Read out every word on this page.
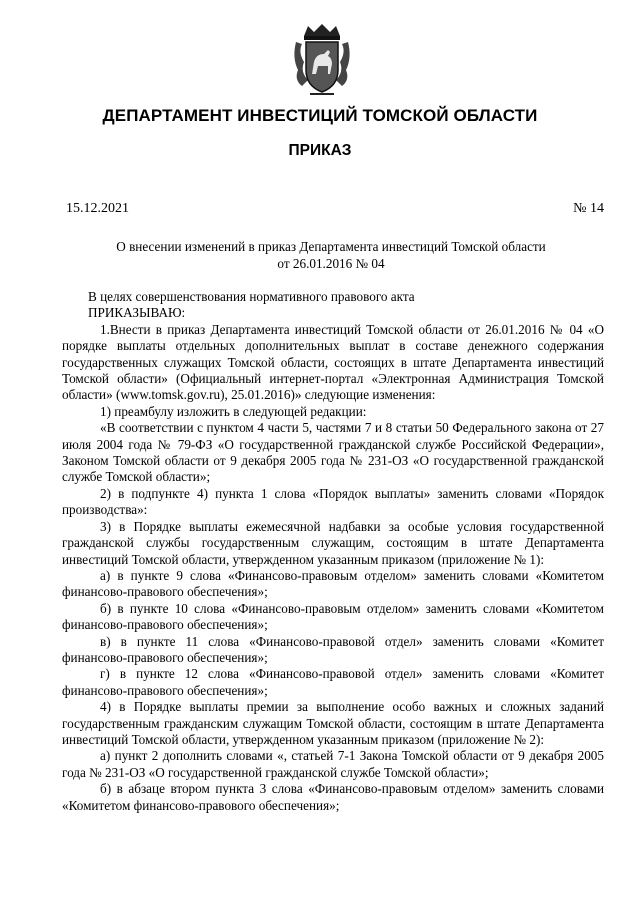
ДЕПАРТАМЕНТ ИНВЕСТИЦИЙ ТОМСКОЙ ОБЛАСТИ
ПРИКАЗ
15.12.2021	№ 14
О внесении изменений в приказ Департамента инвестиций Томской области
от 26.01.2016 № 04

В целях совершенствования нормативного правового акта

ПРИКАЗЫВАЮ:

1.Внести в приказ Департамента инвестиций Томской области от 26.01.2016 № 04 «О порядке выплаты отдельных дополнительных выплат в составе денежного содержания государственных служащих Томской области, состоящих в штате Департамента инвестиций Томской области» (Официальный интернет-портал «Электронная Администрация Томской области» (www.tomsk.gov.ru), 25.01.2016)» следующие изменения:

1) преамбулу изложить в следующей редакции:

«В соответствии с пунктом 4 части 5, частями 7 и 8 статьи 50 Федерального закона от 27 июля 2004 года № 79-ФЗ «О государственной гражданской службе Российской Федерации», Законом Томской области от 9 декабря 2005 года № 231-ОЗ «О государственной гражданской службе Томской области»;

2) в подпункте 4) пункта 1 слова «Порядок выплаты» заменить словами «Порядок производства»:

3) в Порядке выплаты ежемесячной надбавки за особые условия государственной гражданской службы государственным служащим, состоящим в штате Департамента инвестиций Томской области, утвержденном указанным приказом (приложение № 1):

а) в пункте 9 слова «Финансово-правовым отделом» заменить словами «Комитетом финансово-правового обеспечения»;

б) в пункте 10 слова «Финансово-правовым отделом» заменить словами «Комитетом финансово-правового обеспечения»;

в) в пункте 11 слова «Финансово-правовой отдел» заменить словами «Комитет финансово-правового обеспечения»;

г) в пункте 12 слова «Финансово-правовой отдел» заменить словами «Комитет финансово-правового обеспечения»;

4) в Порядке выплаты премии за выполнение особо важных и сложных заданий государственным гражданским служащим Томской области, состоящим в штате Департамента инвестиций Томской области, утвержденном указанным приказом (приложение № 2):

а) пункт 2 дополнить словами «, статьей 7-1 Закона Томской области от 9 декабря 2005 года № 231-ОЗ «О государственной гражданской службе Томской области»;

б) в абзаце втором пункта 3 слова «Финансово-правовым отделом» заменить словами «Комитетом финансово-правового обеспечения»;
